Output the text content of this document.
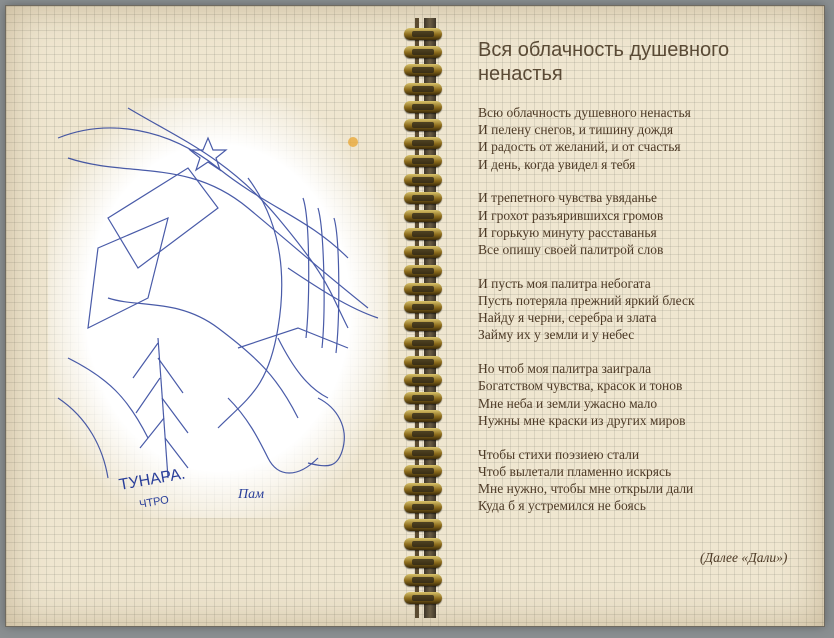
ТУНАРА.
ЧТРО	Пам
Вся облачность душевного ненастья
Всю облачность душевного ненастья
И пелену снегов, и тишину дождя
И радость от желаний, и от счастья
И день, когда увидел я тебя
И трепетного чувства увяданье
И грохот разъярившихся громов
И горькую минуту расставанья
Все опишу своей палитрой слов
И пусть моя палитра небогата
Пусть потеряла прежний яркий блеск
Найду я черни, серебра и злата
Займу их у земли и у небес
Но чтоб моя палитра заиграла
Богатством чувства, красок и тонов
Мне неба и земли ужасно мало
Нужны мне краски из других миров
Чтобы стихи поэзиею стали
Чтоб вылетали пламенно искрясь
Мне нужно, чтобы мне открыли дали
Куда б я устремился не боясь
(Далее «Дали»)
